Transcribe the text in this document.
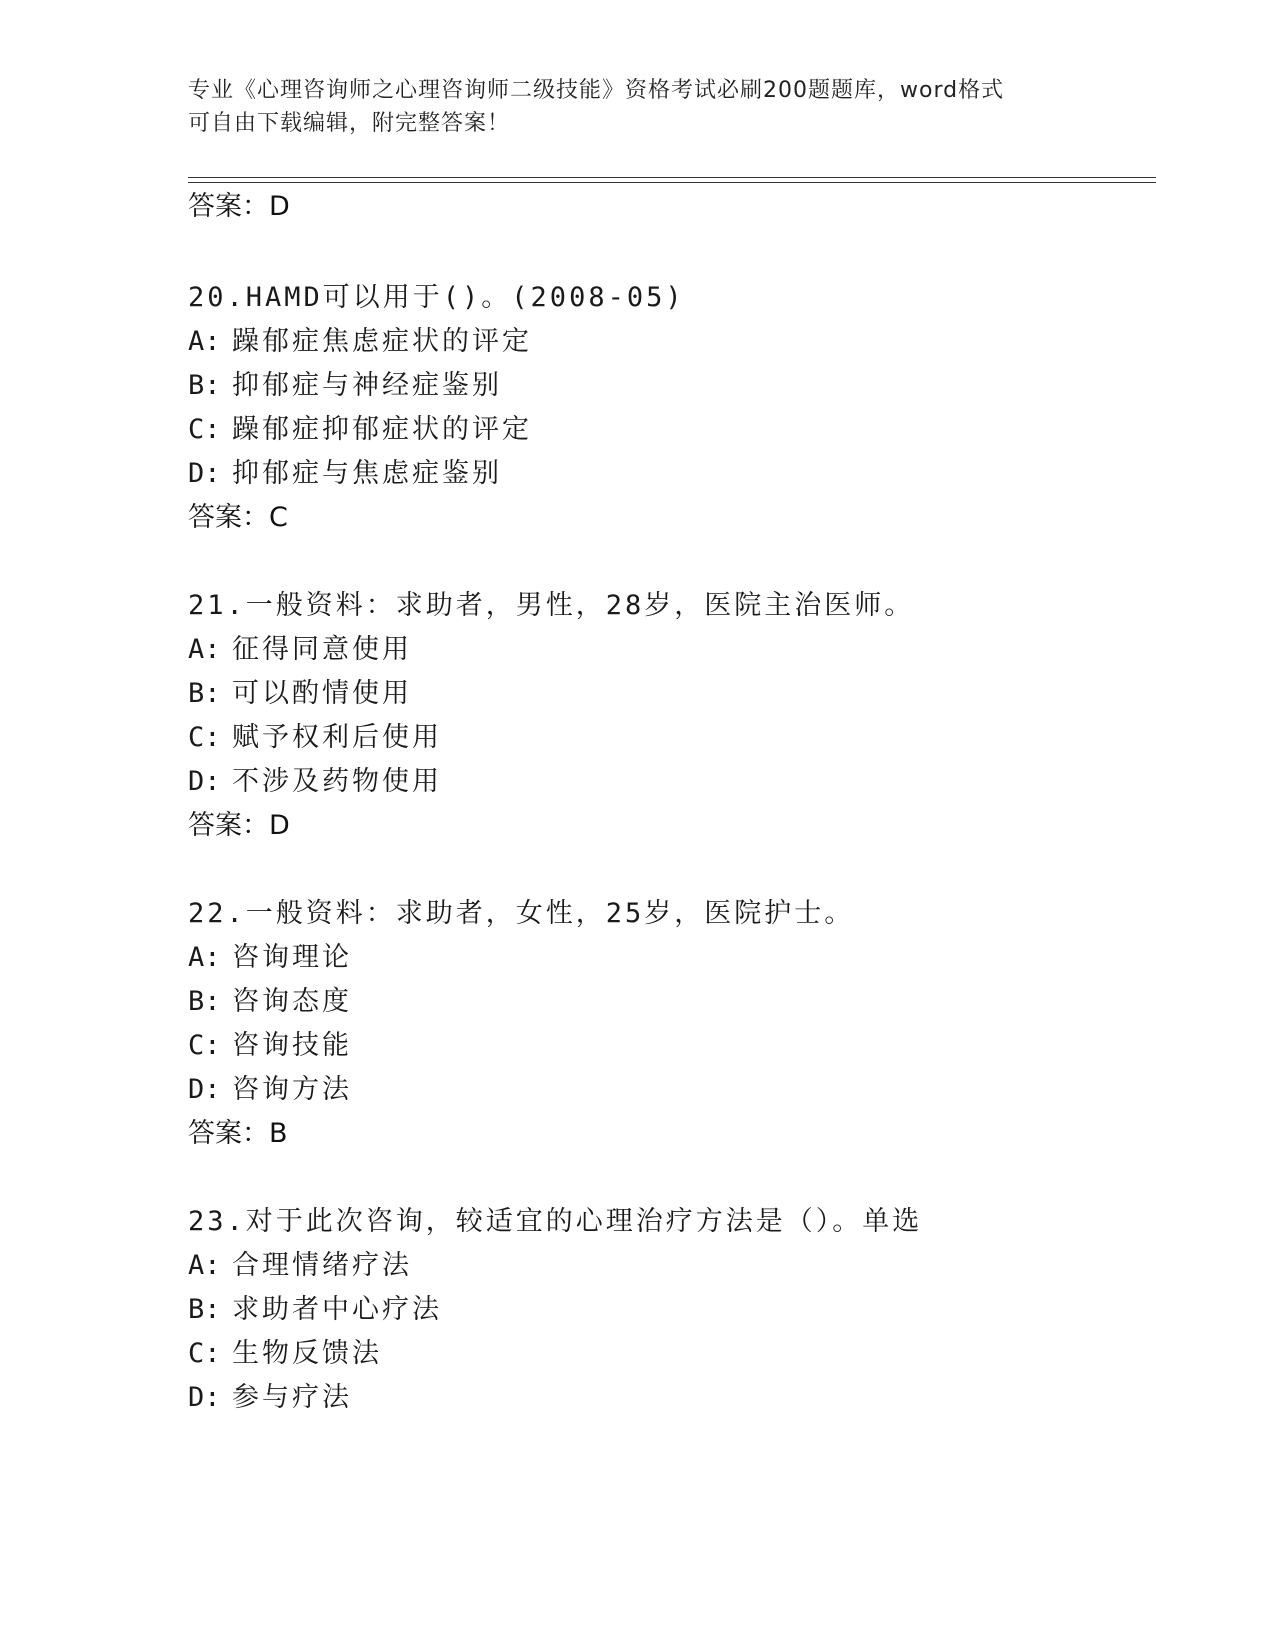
专业《心理咨询师之心理咨询师二级技能》资格考试必刷200题题库，word格式

可自由下载编辑，附完整答案！

答案：D
20.HAMD可以用于()。(2008-05)
A: 躁郁症焦虑症状的评定
B: 抑郁症与神经症鉴别
C: 躁郁症抑郁症状的评定
D: 抑郁症与焦虑症鉴别
答案：C
21.一般资料：求助者，男性，28岁，医院主治医师。
A: 征得同意使用
B: 可以酌情使用
C: 赋予权利后使用
D: 不涉及药物使用
答案：D
22.一般资料：求助者，女性，25岁，医院护士。
A: 咨询理论
B: 咨询态度
C: 咨询技能
D: 咨询方法
答案：B
23.对于此次咨询，较适宜的心理治疗方法是（）。单选
A: 合理情绪疗法
B: 求助者中心疗法
C: 生物反馈法
D: 参与疗法
